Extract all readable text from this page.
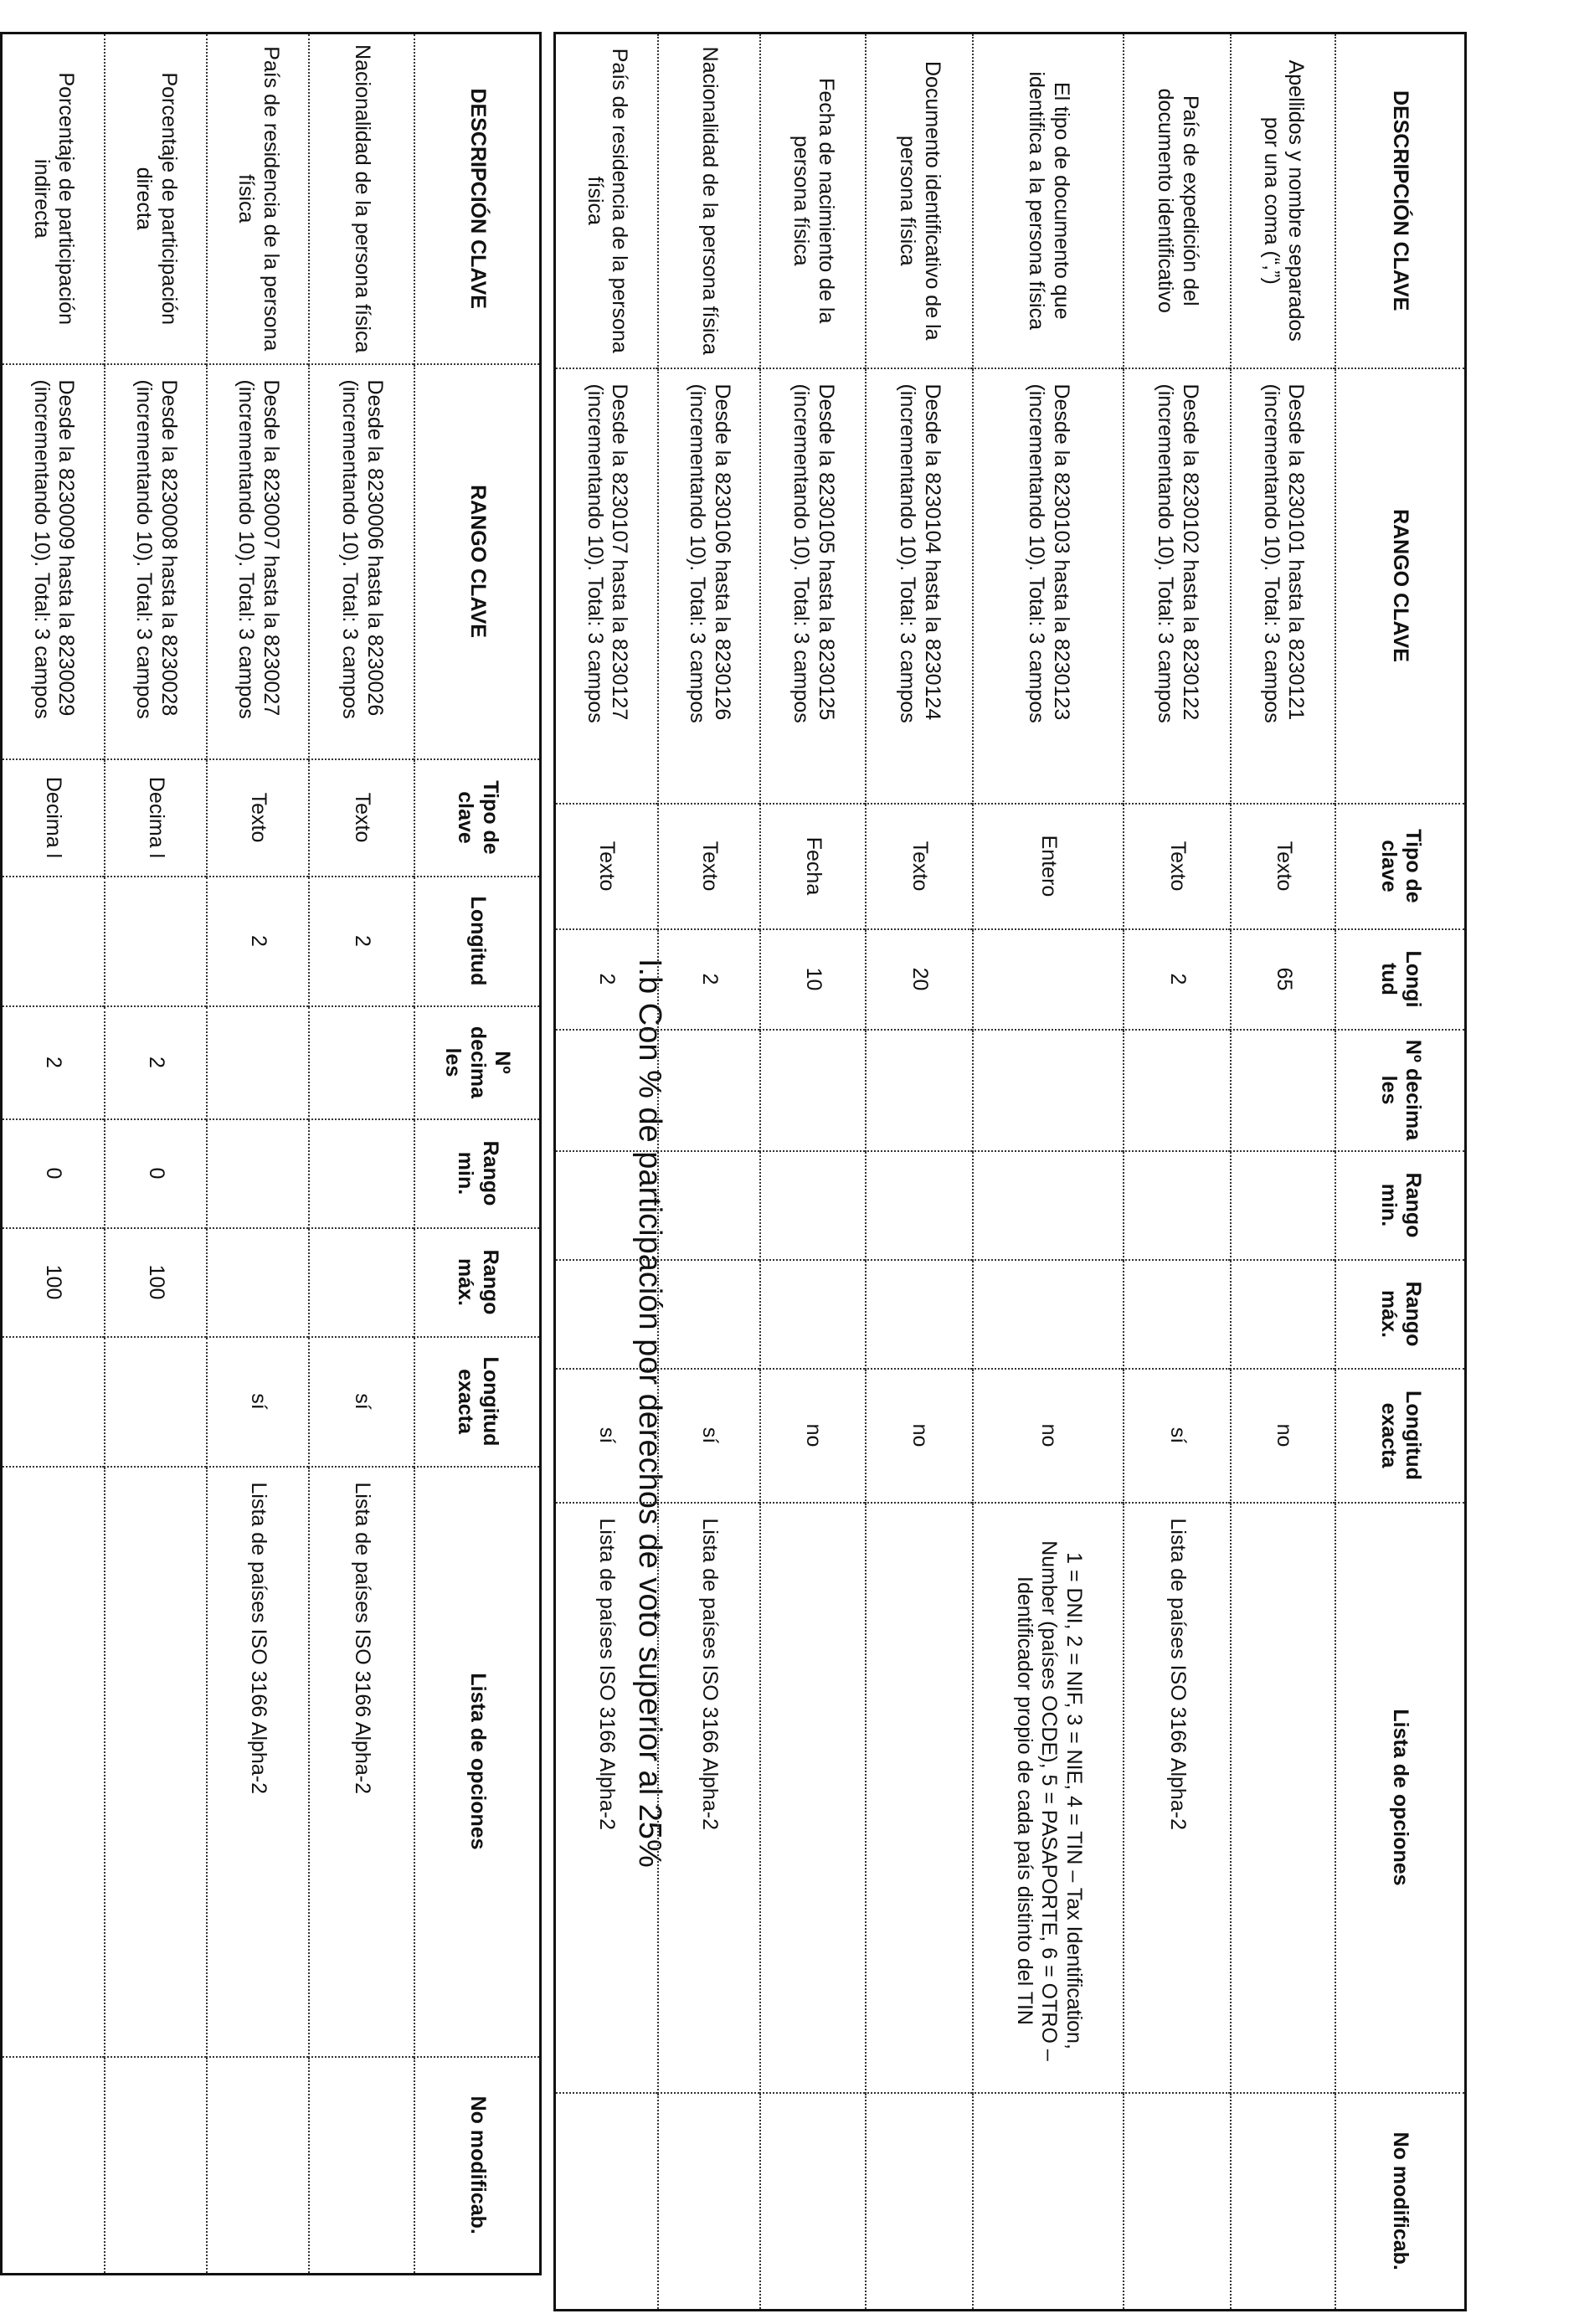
DESCRIPCIÓN CLAVE	RANGO CLAVE	Tipo de clave	Longitud	Nº decima les	Rango min.	Rango máx.	Longitud exacta	Lista de opciones	No modificab.
Nacionalidad de la persona física	Desde la 8230006 hasta la 8230026 (incrementando 10). Total: 3 campos	Texto	2				sí	Lista de países ISO 3166 Alpha-2	
País de residencia de la persona física	Desde la 8230007 hasta la 8230027 (incrementando 10). Total: 3 campos	Texto	2				sí	Lista de países ISO 3166 Alpha-2	
Porcentaje de participación directa	Desde la 8230008 hasta la 8230028 (incrementando 10). Total: 3 campos	Decima l		2	0	100			
Porcentaje de participación indirecta	Desde la 8230009 hasta la 8230029 (incrementando 10). Total: 3 campos	Decima l		2	0	100				I.b Con % de participación por derechos de voto superior al 25%
DESCRIPCIÓN CLAVE	RANGO CLAVE	Tipo de clave	Longi tud	Nº decima les	Rango min.	Rango máx.	Longitud exacta	Lista de opciones	No modificab.
Apellidos y nombre separados por una coma (“,”)	Desde la 8230101 hasta la 8230121 (incrementando 10). Total: 3 campos	Texto	65				no		
País de expedición del documento identificativo	Desde la 8230102 hasta la 8230122 (incrementando 10). Total: 3 campos	Texto	2				sí	Lista de países ISO 3166 Alpha-2	
El tipo de documento que identifica a la persona física	Desde la 8230103 hasta la 8230123 (incrementando 10). Total: 3 campos	Entero					no	1 = DNI, 2 = NIF, 3 = NIE, 4 = TIN – Tax Identification, Number (países OCDE), 5 = PASAPORTE, 6 = OTRO – Identificador propio de cada país distinto del TIN	
Documento identificativo de la persona física	Desde la 8230104 hasta la 8230124 (incrementando 10). Total: 3 campos	Texto	20				no		
Fecha de nacimiento de la persona física	Desde la 8230105 hasta la 8230125 (incrementando 10). Total: 3 campos	Fecha	10				no		
Nacionalidad de la persona física	Desde la 8230106 hasta la 8230126 (incrementando 10). Total: 3 campos	Texto	2				sí	Lista de países ISO 3166 Alpha-2	
País de residencia de la persona física	Desde la 8230107 hasta la 8230127 (incrementando 10). Total: 3 campos	Texto	2				sí	Lista de países ISO 3166 Alpha-2	
